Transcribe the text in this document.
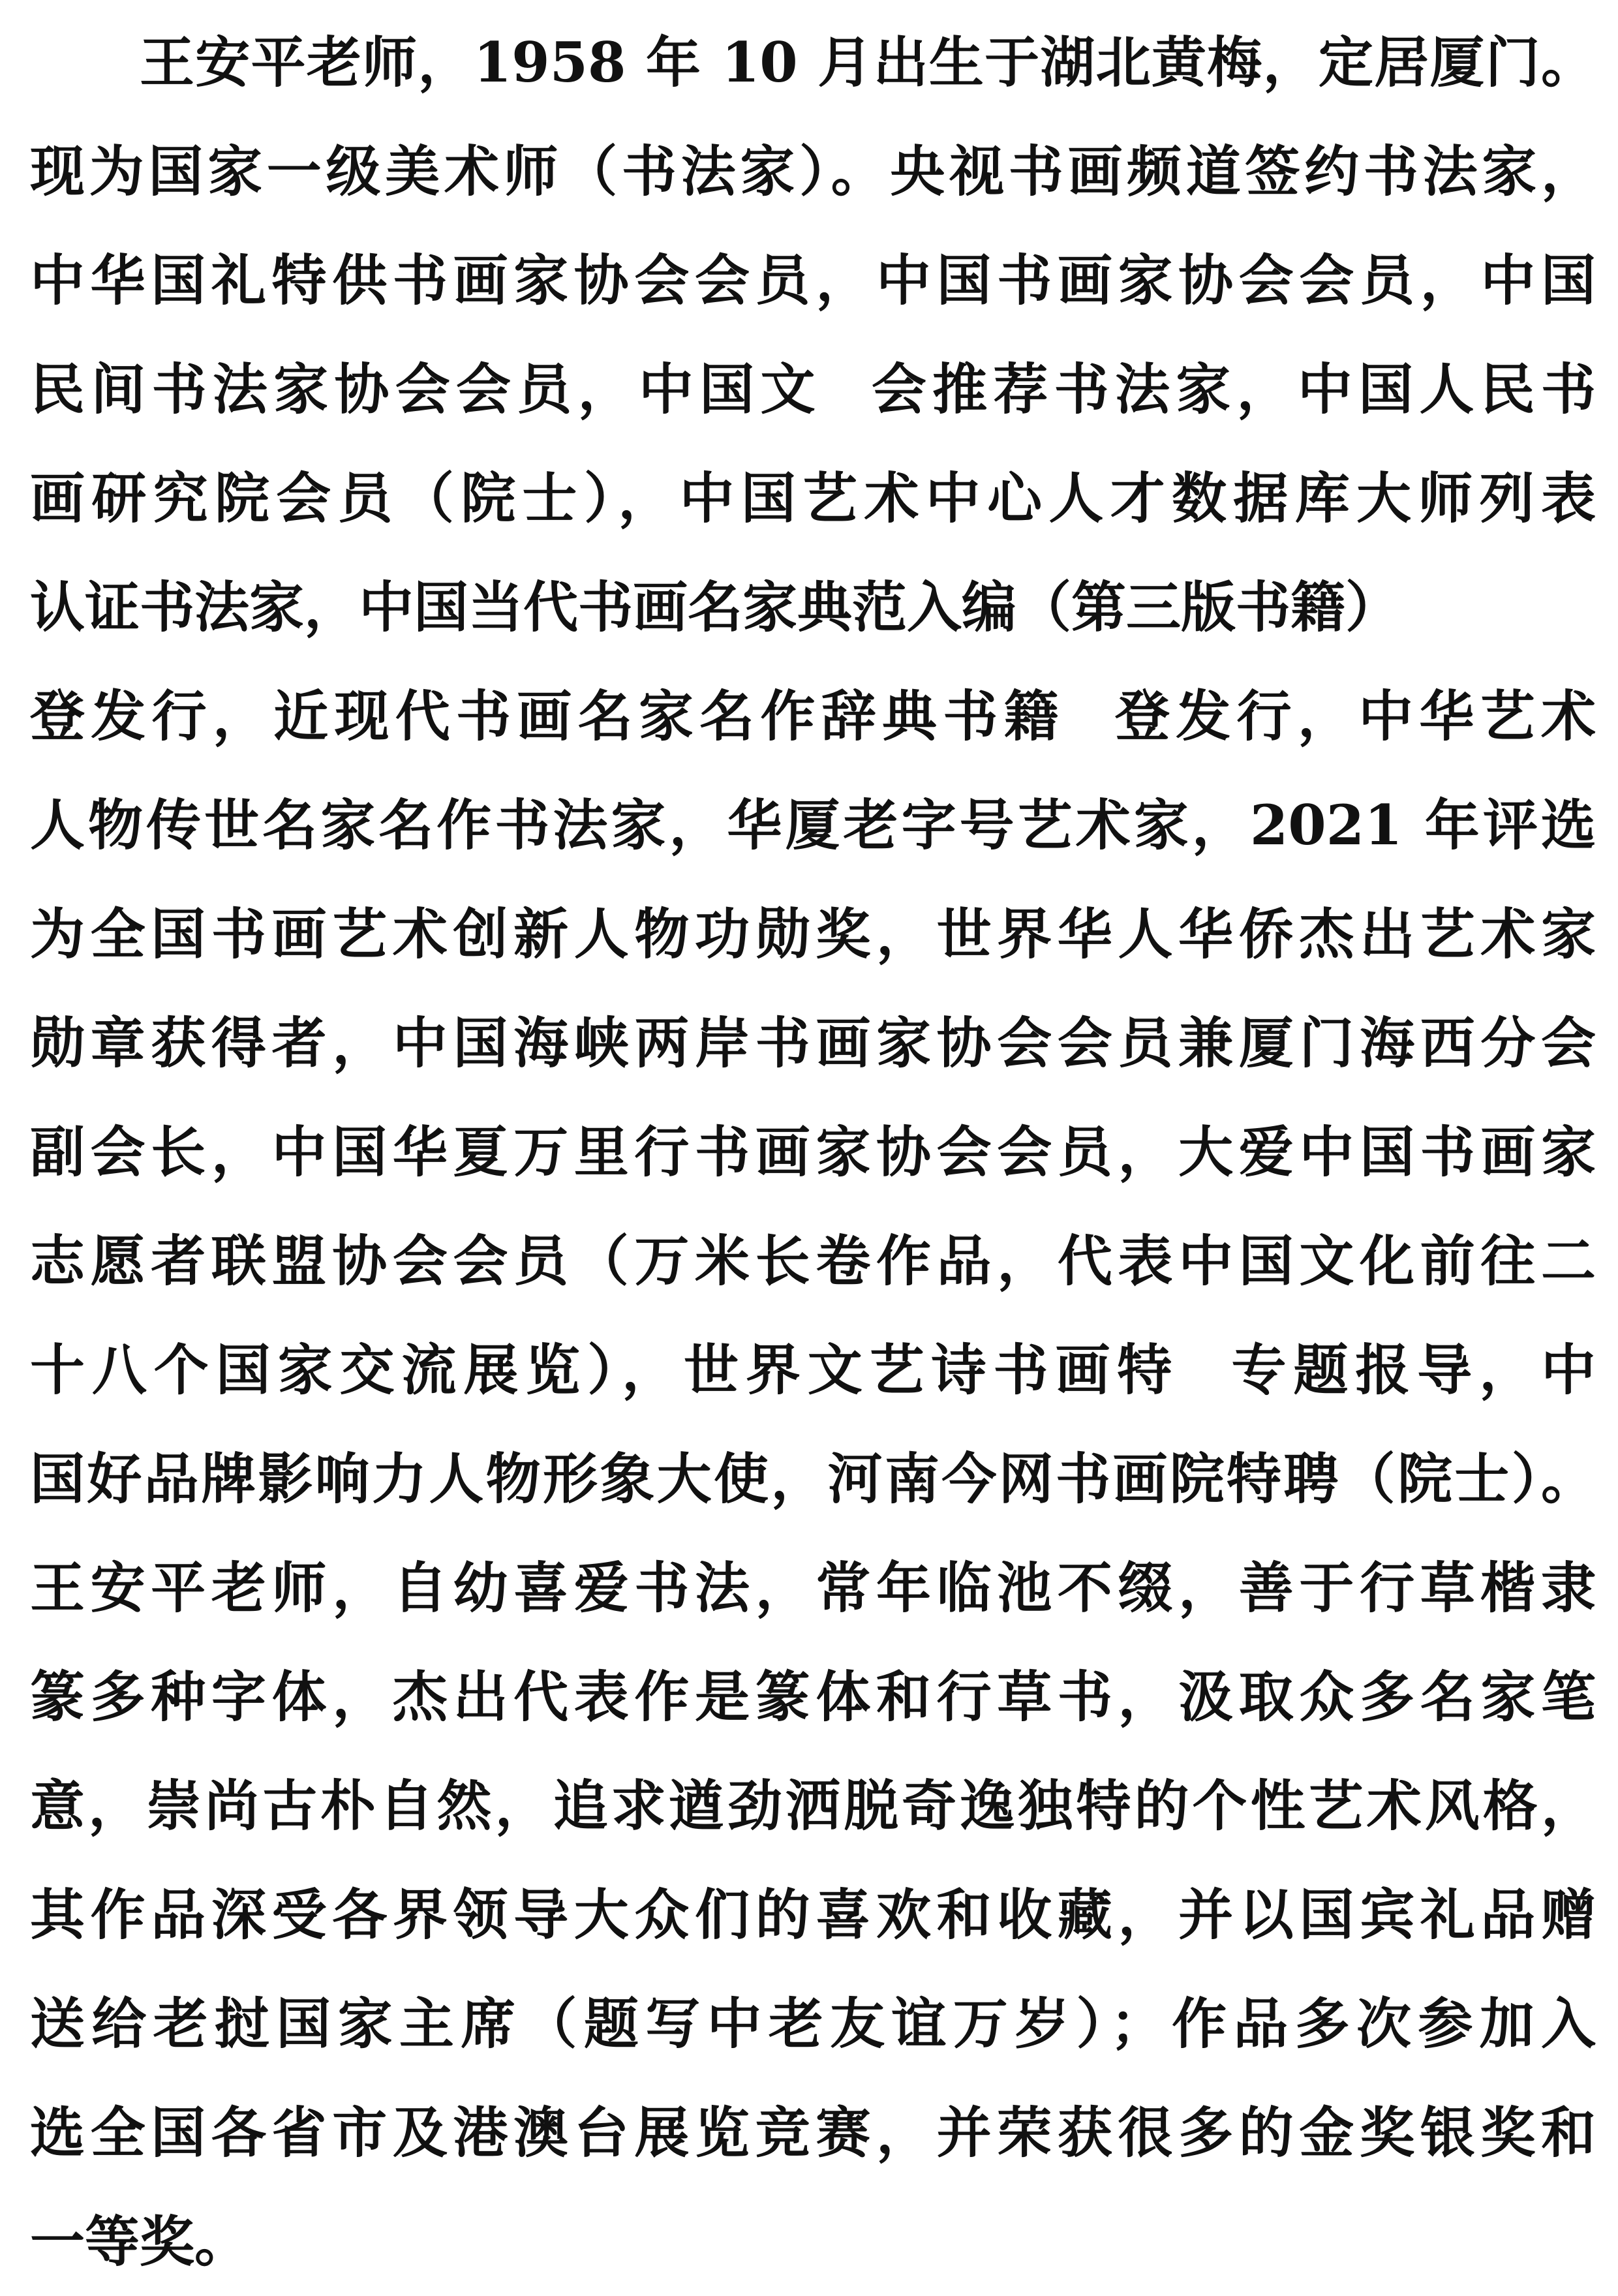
王安平老师，1958 年 10 月出生于湖北黄梅，定居厦门。
现为国家一级美术师（书法家）。央视书画频道签约书法家，
中华国礼特供书画家协会会员，中国书画家协会会员，中国
民间书法家协会会员，中国文  会推荐书法家，中国人民书
画研究院会员（院士），中国艺术中心人才数据库大师列表
认证书法家，中国当代书画名家典范入编（第三版书籍）
登发行，近现代书画名家名作辞典书籍  登发行，中华艺术
人物传世名家名作书法家，华厦老字号艺术家，2021 年评选
为全国书画艺术创新人物功勋奖，世界华人华侨杰出艺术家
勋章获得者，中国海峡两岸书画家协会会员兼厦门海西分会
副会长，中国华夏万里行书画家协会会员，大爱中国书画家
志愿者联盟协会会员（万米长卷作品，代表中国文化前往二
十八个国家交流展览），世界文艺诗书画特  专题报导，中
国好品牌影响力人物形象大使，河南今网书画院特聘（院士）。
王安平老师，自幼喜爱书法，常年临池不缀，善于行草楷隶
篆多种字体，杰出代表作是篆体和行草书，汲取众多名家笔
意，崇尚古朴自然，追求遒劲洒脱奇逸独特的个性艺术风格，
其作品深受各界领导大众们的喜欢和收藏，并以国宾礼品赠
送给老挝国家主席（题写中老友谊万岁）；作品多次参加入
选全国各省市及港澳台展览竞赛，并荣获很多的金奖银奖和
一等奖。
